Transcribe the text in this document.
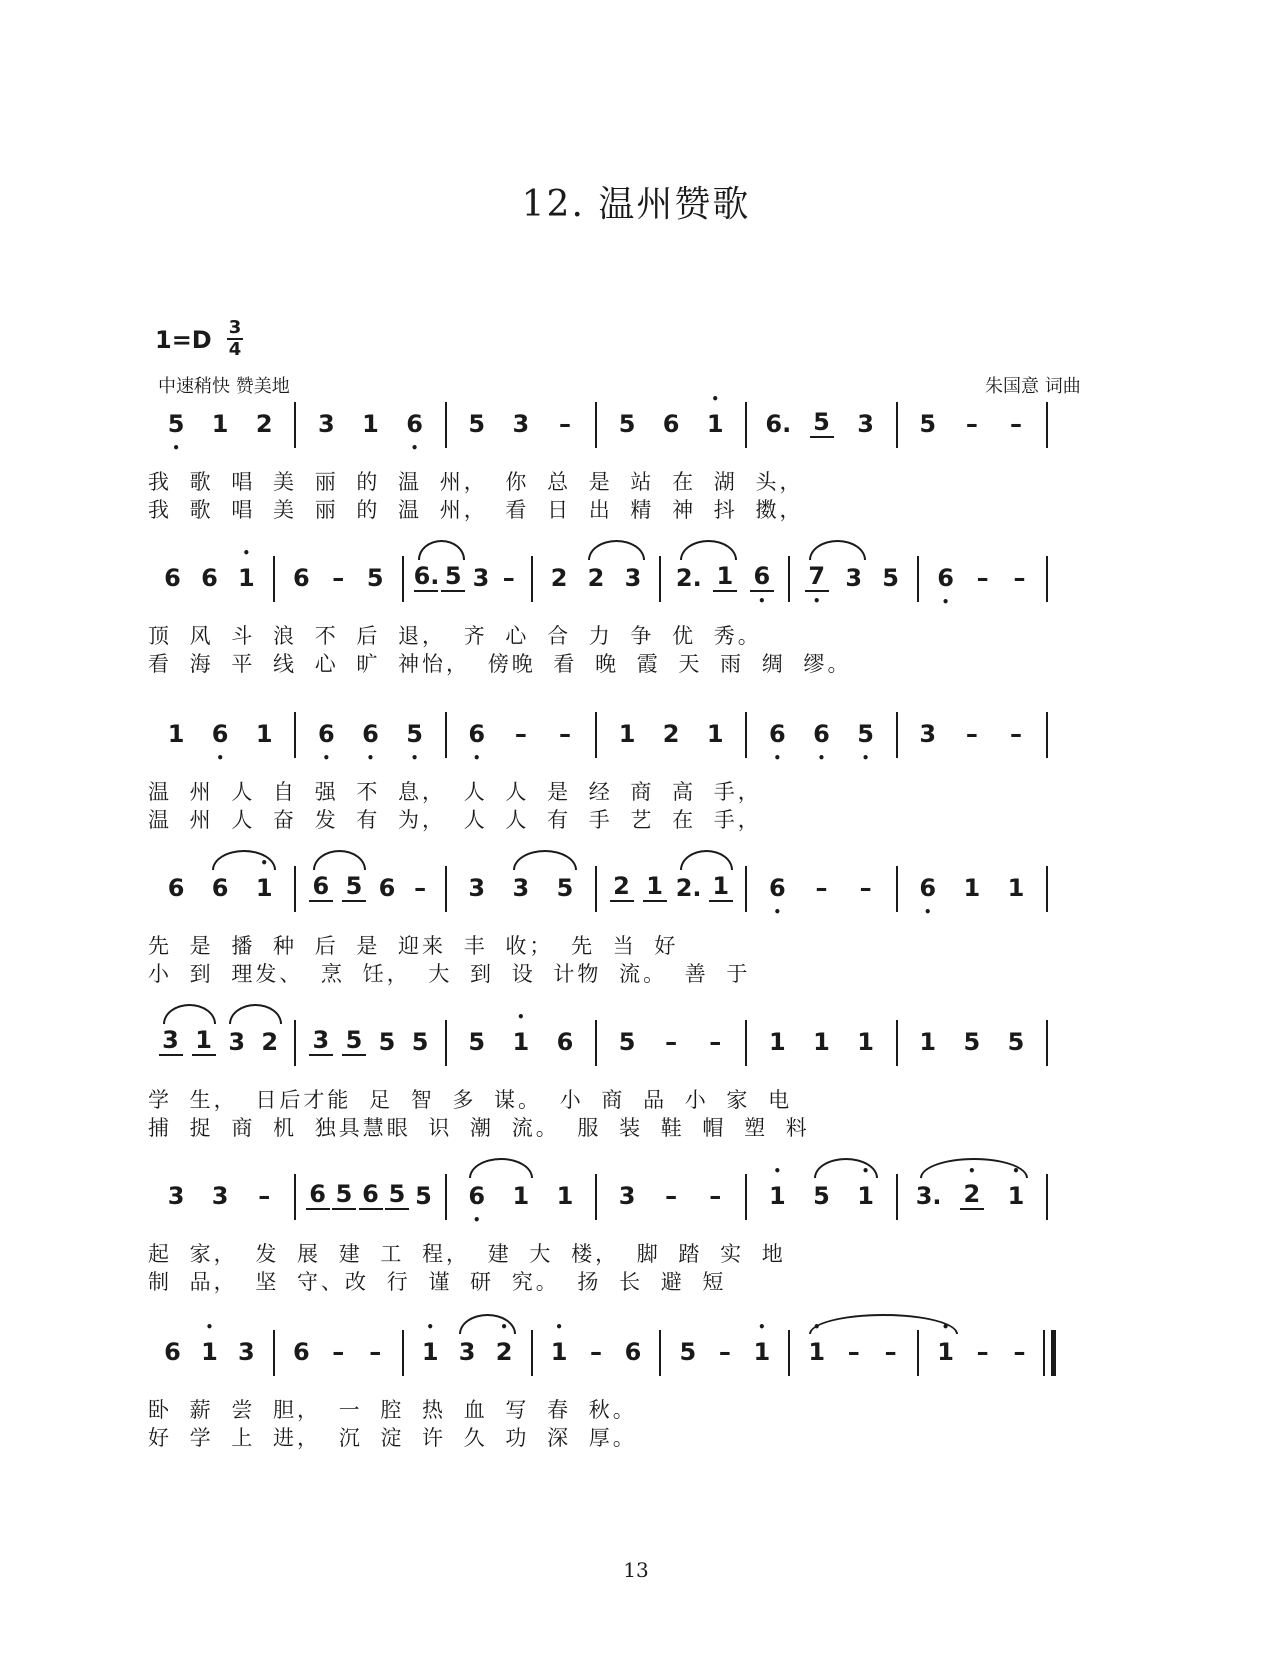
12. 温州赞歌
1=D 3
4
中速稍快 赞美地	朱国意 词曲
5 • 1 2 3 1 6 • 5 3 – 5 6 • 1 6. 5 3 5 – –
我 歌 唱 美 丽 的 温 州， 你 总 是 站 在 湖 头，
我 歌 唱 美 丽 的 温 州， 看 日 出 精 神 抖 擞，
6 6 • 1 6 – 5 6. 5 3 – 2 2 3 2. 1 6 • 7 • 3 5 6 • – –
顶 风 斗 浪 不 后 退， 齐 心 合 力 争 优 秀。
看 海 平 线 心 旷 神怡， 傍晚 看 晚 霞 天 雨 绸 缪。
1 6 • 1 6 • 6 • 5 • 6 • – – 1 2 1 6 • 6 • 5 • 3 – –
温 州 人 自 强 不 息， 人 人 是 经 商 高 手，
温 州 人 奋 发 有 为， 人 人 有 手 艺 在 手，
6 6 • 1 6 5 6 – 3 3 5 2 1 2. 1 6 • – – 6 • 1 1
先 是 播 种 后 是 迎来 丰 收； 先 当 好
小 到 理发、 烹 饪， 大 到 设 计物 流。 善 于
3 1 3 2 3 5 5 5 5 • 1 6 5 – – 1 1 1 1 5 5
学 生， 日后才能 足 智 多 谋。 小 商 品 小 家 电
捕 捉 商 机 独具慧眼 识 潮 流。 服 装 鞋 帽 塑 料
3 3 – 6 5 6 5 5 6 • 1 1 3 – – • 1 5 • 1 3. • 2 • 1
起 家， 发 展 建 工 程， 建 大 楼， 脚 踏 实 地
制 品， 坚 守、改 行 谨 研 究。 扬 长 避 短
6 • 1 3 6 – – • 1 3 • 2 • 1 – 6 5 – • 1 • 1 – – • 1 – –
卧 薪 尝 胆， 一 腔 热 血 写 春 秋。
好 学 上 进， 沉 淀 许 久 功 深 厚。
13
